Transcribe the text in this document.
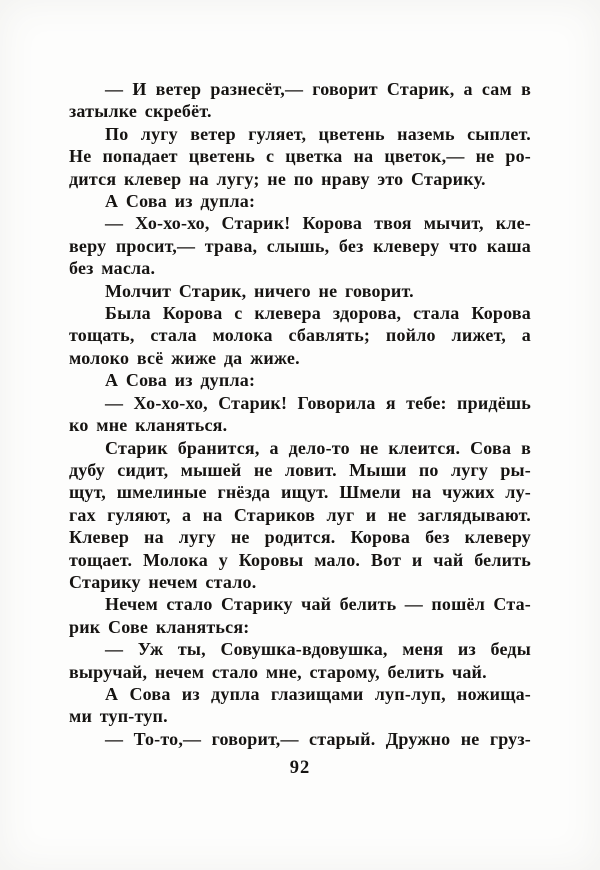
— И ветер разнесёт,— говорит Старик, а сам в
затылке скребёт.
По лугу ветер гуляет, цветень наземь сыплет.
Не попадает цветень с цветка на цветок,— не ро-
дится клевер на лугу; не по нраву это Старику.
А Сова из дупла:
— Хо-хо-хо, Старик! Корова твоя мычит, кле-
веру просит,— трава, слышь, без клеверу что каша
без масла.
Молчит Старик, ничего не говорит.
Была Корова с клевера здорова, стала Корова
тощать, стала молока сбавлять; пойло лижет, а
молоко всё жиже да жиже.
А Сова из дупла:
— Хо-хо-хо, Старик! Говорила я тебе: придёшь
ко мне кланяться.
Старик бранится, а дело-то не клеится. Сова в
дубу сидит, мышей не ловит. Мыши по лугу ры-
щут, шмелиные гнёзда ищут. Шмели на чужих лу-
гах гуляют, а на Стариков луг и не заглядывают.
Клевер на лугу не родится. Корова без клеверу
тощает. Молока у Коровы мало. Вот и чай белить
Старику нечем стало.
Нечем стало Старику чай белить — пошёл Ста-
рик Сове кланяться:
— Уж ты, Совушка-вдовушка, меня из беды
выручай, нечем стало мне, старому, белить чай.
А Сова из дупла глазищами луп-луп, ножища-
ми туп-туп.
— То-то,— говорит,— старый. Дружно не груз-
92
